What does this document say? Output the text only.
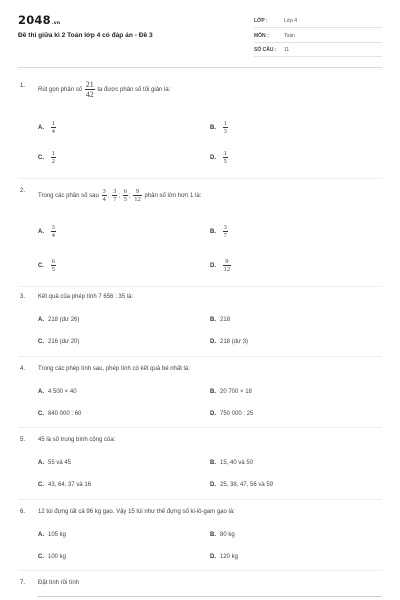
2048.vn
Đề thi giữa kì 2 Toán lớp 4 có đáp án - Đề 3
LỚP :	Lớp 4
MÔN :	Toán
SỐ CÂU : 11
1.
Rút gọn phân số $\frac{21}{42}$ ta được phân số tối giản là:
A. $\frac{1}{4}$	B. $\frac{1}{3}$
C. $\frac{1}{2}$	D. $\frac{1}{5}$
2.
Trong các phân số sau $\frac{3}{4}$ ; $\frac{3}{7}$ ; $\frac{6}{5}$ ; $\frac{9}{12}$ phân số lớn hơn 1 là:
A. $\frac{3}{4}$	B. $\frac{3}{7}$
C. $\frac{6}{5}$	D. $\frac{9}{12}$
3. Kết quả của phép tính 7 656 : 35 là:
A. 218 (dư 26)	B. 218
C. 216 (dư 20)	D. 218 (dư 3)
4. Trong các phép tính sau, phép tính có kết quả bé nhất là:
A. 4 500 × 40	B. 20 700 × 18
C. 840 000 : 60	D. 750 000 : 25
5. 45 là số trung bình cộng của:
A. 55 và 45	B. 15, 40 và 50
C. 43, 64, 37 và 16	D. 25, 38, 47, 56 và 59
6. 12 túi đựng tất cả 96 kg gạo. Vậy 15 túi như thế đựng số ki-lô-gam gạo là:
A. 105 kg	B. 80 kg
C. 100 kg	D. 120 kg
7. Đặt tính rồi tính
